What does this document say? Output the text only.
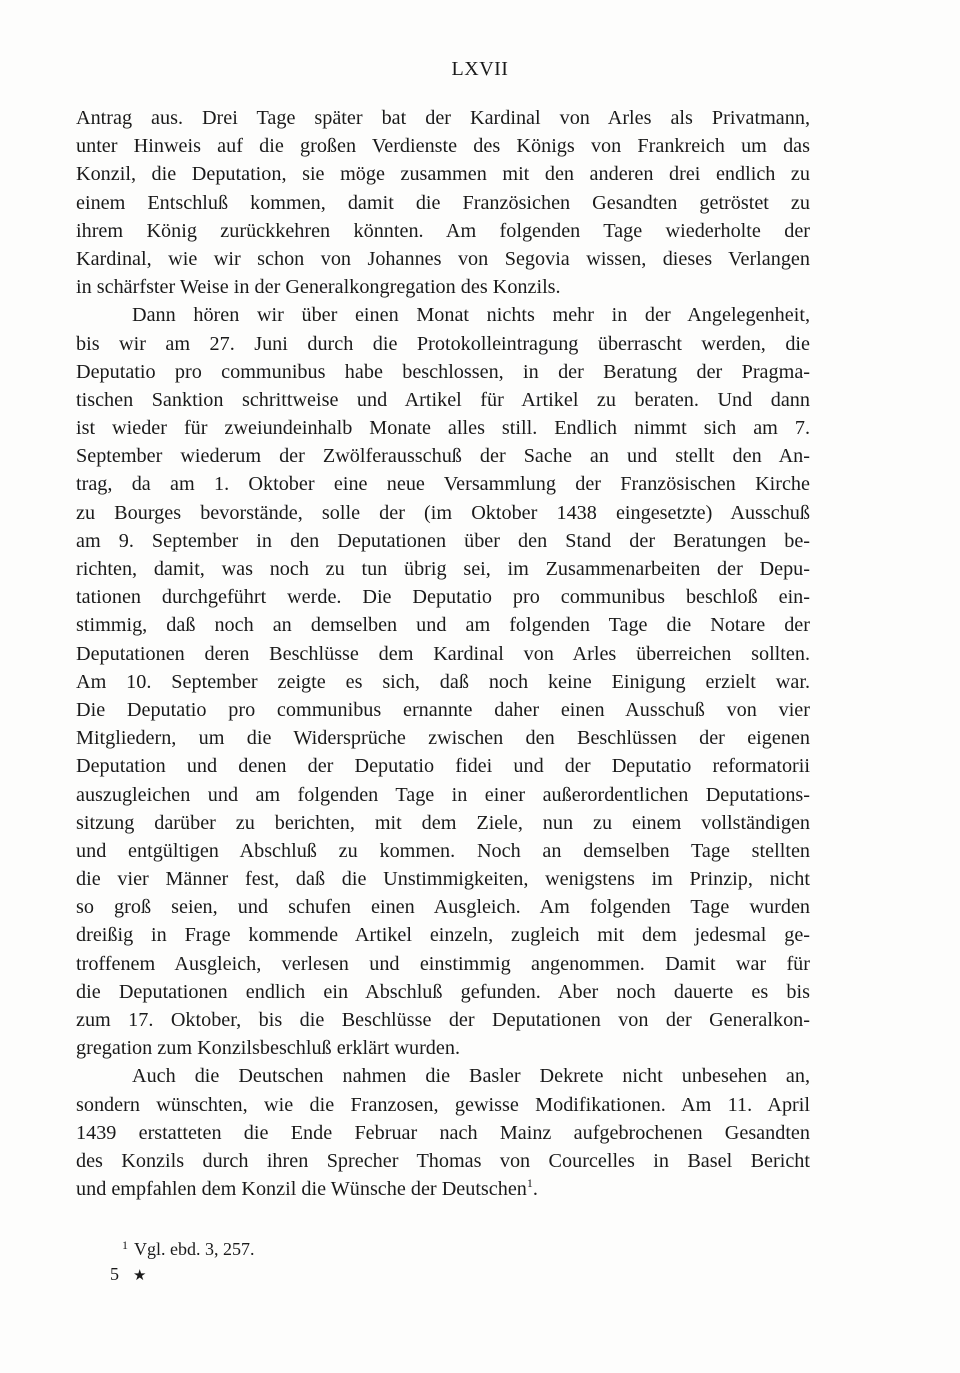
LXVII
Antrag aus. Drei Tage später bat der Kardinal von Arles als Privatmann,
unter Hinweis auf die großen Verdienste des Königs von Frankreich um das
Konzil, die Deputation, sie möge zusammen mit den anderen drei endlich zu
einem Entschluß kommen, damit die Französichen Gesandten getröstet zu
ihrem König zurückkehren könnten. Am folgenden Tage wiederholte der
Kardinal, wie wir schon von Johannes von Segovia wissen, dieses Verlangen
in schärfster Weise in der Generalkongregation des Konzils.
Dann hören wir über einen Monat nichts mehr in der Angelegenheit,
bis wir am 27. Juni durch die Protokolleintragung überrascht werden, die
Deputatio pro communibus habe beschlossen, in der Beratung der Pragma-
tischen Sanktion schrittweise und Artikel für Artikel zu beraten. Und dann
ist wieder für zweiundeinhalb Monate alles still. Endlich nimmt sich am 7.
September wiederum der Zwölferausschuß der Sache an und stellt den An-
trag, da am 1. Oktober eine neue Versammlung der Französischen Kirche
zu Bourges bevorstände, solle der (im Oktober 1438 eingesetzte) Ausschuß
am 9. September in den Deputationen über den Stand der Beratungen be-
richten, damit, was noch zu tun übrig sei, im Zusammenarbeiten der Depu-
tationen durchgeführt werde. Die Deputatio pro communibus beschloß ein-
stimmig, daß noch an demselben und am folgenden Tage die Notare der
Deputationen deren Beschlüsse dem Kardinal von Arles überreichen sollten.
Am 10. September zeigte es sich, daß noch keine Einigung erzielt war.
Die Deputatio pro communibus ernannte daher einen Ausschuß von vier
Mitgliedern, um die Widersprüche zwischen den Beschlüssen der eigenen
Deputation und denen der Deputatio fidei und der Deputatio reformatorii
auszugleichen und am folgenden Tage in einer außerordentlichen Deputations-
sitzung darüber zu berichten, mit dem Ziele, nun zu einem vollständigen
und entgültigen Abschluß zu kommen. Noch an demselben Tage stellten
die vier Männer fest, daß die Unstimmigkeiten, wenigstens im Prinzip, nicht
so groß seien, und schufen einen Ausgleich. Am folgenden Tage wurden
dreißig in Frage kommende Artikel einzeln, zugleich mit dem jedesmal ge-
troffenem Ausgleich, verlesen und einstimmig angenommen. Damit war für
die Deputationen endlich ein Abschluß gefunden. Aber noch dauerte es bis
zum 17. Oktober, bis die Beschlüsse der Deputationen von der Generalkon-
gregation zum Konzilsbeschluß erklärt wurden.
Auch die Deutschen nahmen die Basler Dekrete nicht unbesehen an,
sondern wünschten, wie die Franzosen, gewisse Modifikationen. Am 11. April
1439 erstatteten die Ende Februar nach Mainz aufgebrochenen Gesandten
des Konzils durch ihren Sprecher Thomas von Courcelles in Basel Bericht
und empfahlen dem Konzil die Wünsche der Deutschen$^1$.
$^1$ Vgl. ebd. 3, 257.
5 ★
